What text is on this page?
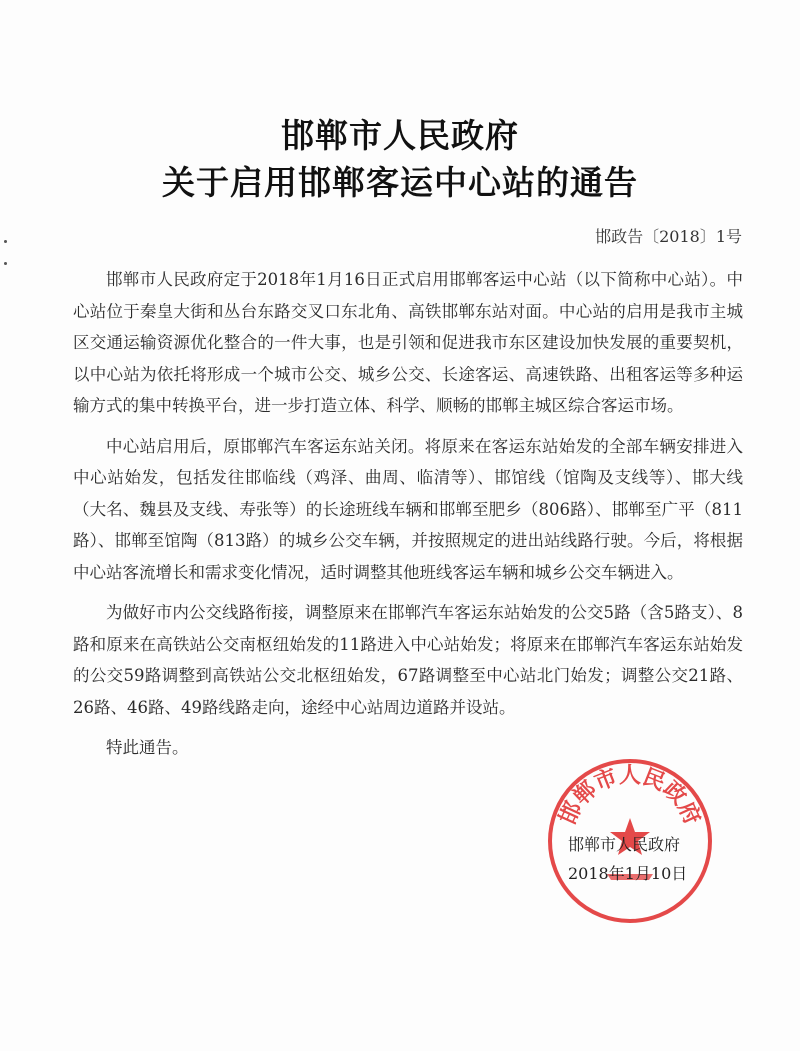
邯郸市人民政府
关于启用邯郸客运中心站的通告
邯政告〔2018〕1号

邯郸市人民政府定于2018年1月16日正式启用邯郸客运中心站（以下简称中心站）。中心站位于秦皇大街和丛台东路交叉口东北角、高铁邯郸东站对面。中心站的启用是我市主城区交通运输资源优化整合的一件大事，也是引领和促进我市东区建设加快发展的重要契机，以中心站为依托将形成一个城市公交、城乡公交、长途客运、高速铁路、出租客运等多种运输方式的集中转换平台，进一步打造立体、科学、顺畅的邯郸主城区综合客运市场。

中心站启用后，原邯郸汽车客运东站关闭。将原来在客运东站始发的全部车辆安排进入中心站始发，包括发往邯临线（鸡泽、曲周、临清等）、邯馆线（馆陶及支线等）、邯大线（大名、魏县及支线、寿张等）的长途班线车辆和邯郸至肥乡（806路）、邯郸至广平（811路）、邯郸至馆陶（813路）的城乡公交车辆，并按照规定的进出站线路行驶。今后，将根据中心站客流增长和需求变化情况，适时调整其他班线客运车辆和城乡公交车辆进入。

为做好市内公交线路衔接，调整原来在邯郸汽车客运东站始发的公交5路（含5路支）、8路和原来在高铁站公交南枢纽始发的11路进入中心站始发；将原来在邯郸汽车客运东站始发的公交59路调整到高铁站公交北枢纽始发，67路调整至中心站北门始发；调整公交21路、26路、46路、49路线路走向，途经中心站周边道路并设站。

特此通告。

邯郸市人民政府
邯郸市人民政府
2018年1月10日
